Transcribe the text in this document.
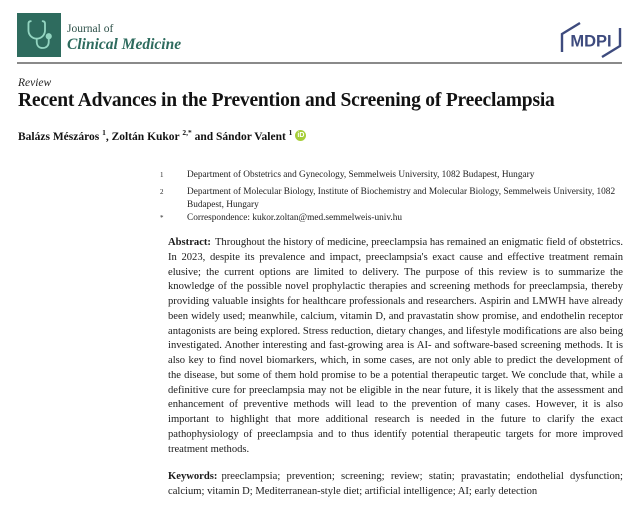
Journal of
Clinical Medicine	MDPI
Review
Recent Advances in the Prevention and Screening of Preeclampsia
Balázs Mészáros $^1$, Zoltán Kukor $^{2,*}$ and Sándor Valent $^1$ iD
$^1$	Department of Obstetrics and Gynecology, Semmelweis University, 1082 Budapest, Hungary
$^2$	Department of Molecular Biology, Institute of Biochemistry and Molecular Biology, Semmelweis University, 1082 Budapest, Hungary
*	Correspondence: kukor.zoltan@med.semmelweis-univ.hu

Abstract: Throughout the history of medicine, preeclampsia has remained an enigmatic field of obstetrics. In 2023, despite its prevalence and impact, preeclampsia's exact cause and effective treatment remain elusive; the current options are limited to delivery. The purpose of this review is to summarize the knowledge of the possible novel prophylactic therapies and screening methods for preeclampsia, thereby providing valuable insights for healthcare professionals and researchers. Aspirin and LMWH have already been widely used; meanwhile, calcium, vitamin D, and pravastatin show promise, and endothelin receptor antagonists are being explored. Stress reduction, dietary changes, and lifestyle modifications are also being investigated. Another interesting and fast-growing area is AI- and software-based screening methods. It is also key to find novel biomarkers, which, in some cases, are not only able to predict the development of the disease, but some of them hold promise to be a potential therapeutic target. We conclude that, while a definitive cure for preeclampsia may not be eligible in the near future, it is likely that the assessment and enhancement of preventive methods will lead to the prevention of many cases. However, it is also important to highlight that more additional research is needed in the future to clarify the exact pathophysiology of preeclampsia and to thus identify potential therapeutic targets for more improved treatment methods.

Keywords: preeclampsia; prevention; screening; review; statin; pravastatin; endothelial dysfunction; calcium; vitamin D; Mediterranean-style diet; artificial intelligence; AI; early detection
